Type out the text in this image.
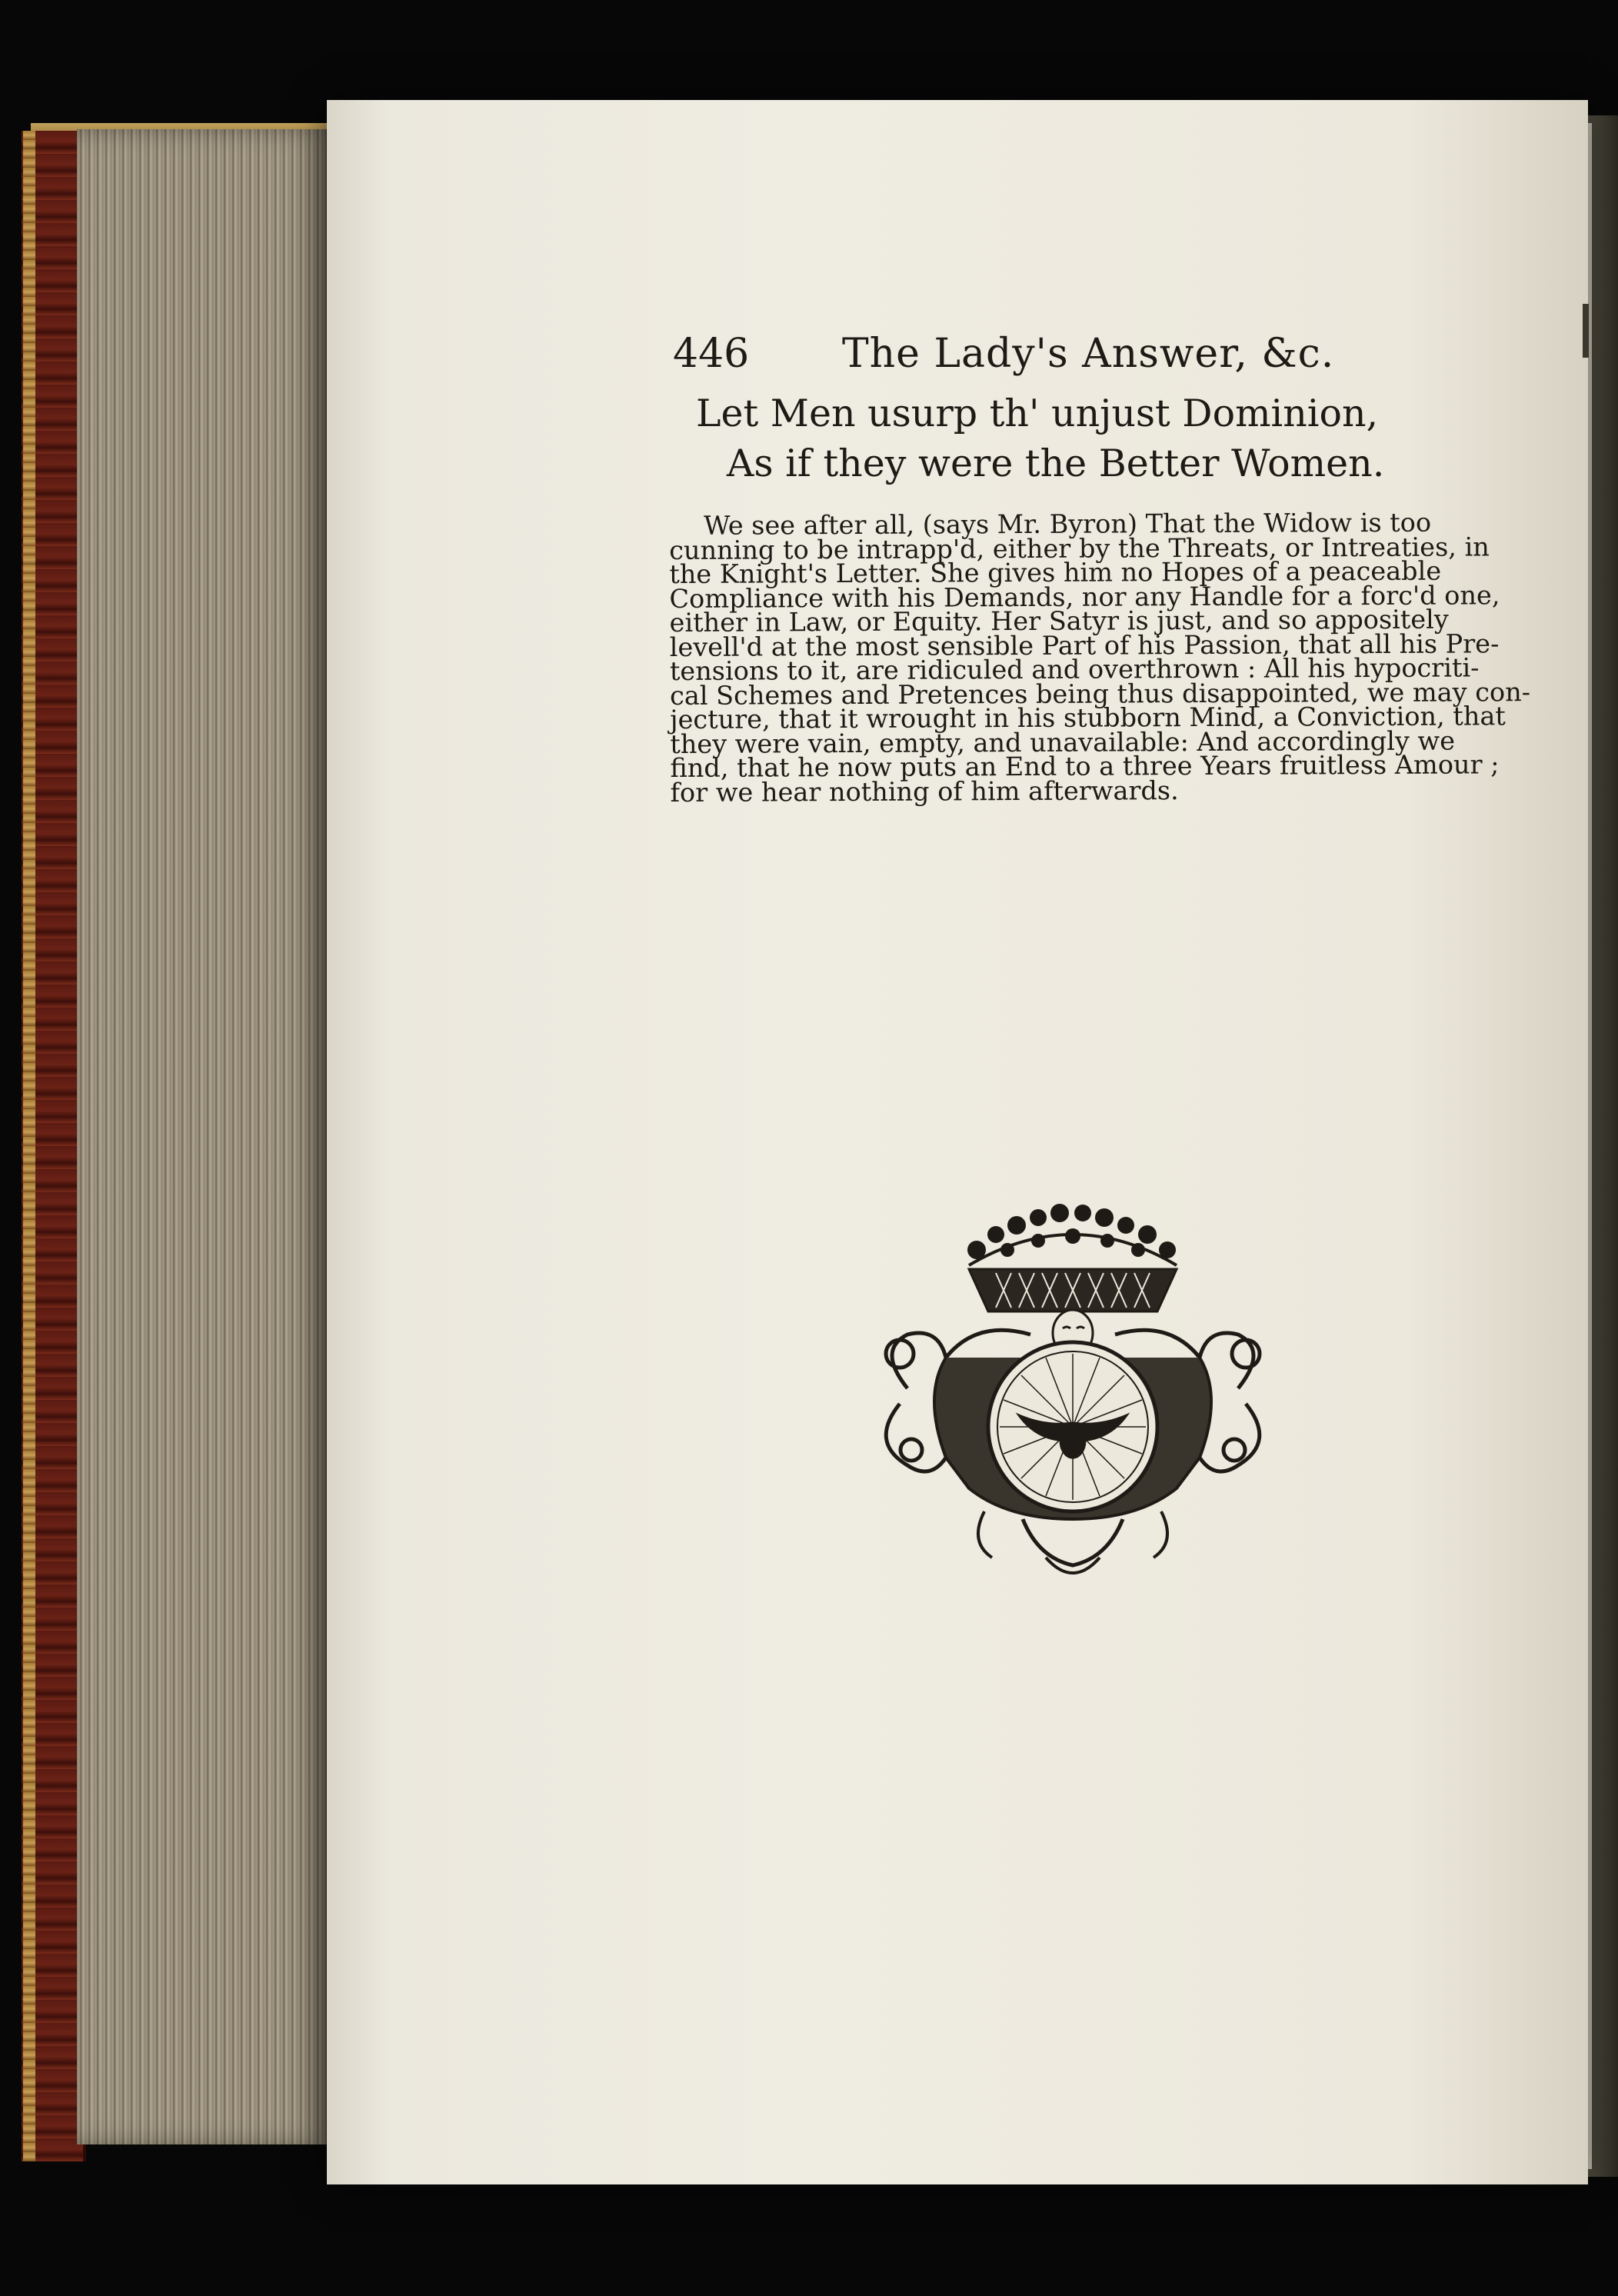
446 The Lady's Answer, &c.
Let Men usurp th' unjust Dominion,
As if they were the Better Women.
We see after all, (says Mr. Byron) That the Widow is too
cunning to be intrapp'd, either by the Threats, or Intreaties, in
the Knight's Letter. She gives him no Hopes of a peaceable
Compliance with his Demands, nor any Handle for a forc'd one,
either in Law, or Equity. Her Satyr is just, and so appositely
levell'd at the most sensible Part of his Passion, that all his Pre-
tensions to it, are ridiculed and overthrown : All his hypocriti-
cal Schemes and Pretences being thus disappointed, we may con-
jecture, that it wrought in his stubborn Mind, a Conviction, that
they were vain, empty, and unavailable: And accordingly we
find, that he now puts an End to a three Years fruitless Amour ;
for we hear nothing of him afterwards.
